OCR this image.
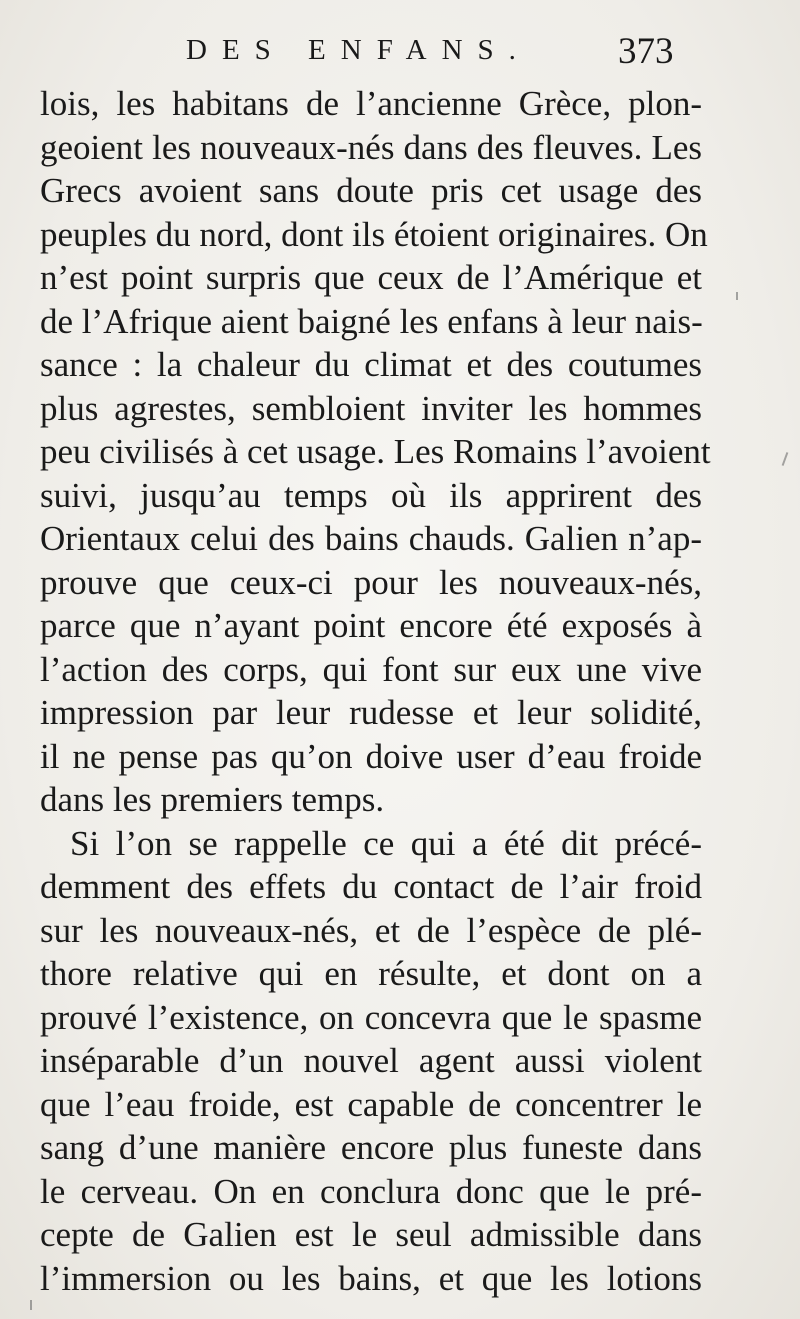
DES ENFANS. 373
lois, les habitans de l’ancienne Grèce, plon-
geoient les nouveaux-nés dans des fleuves. Les
Grecs avoient sans doute pris cet usage des
peuples du nord, dont ils étoient originaires. On
n’est point surpris que ceux de l’Amérique et
de l’Afrique aient baigné les enfans à leur nais-
sance : la chaleur du climat et des coutumes
plus agrestes, sembloient inviter les hommes
peu civilisés à cet usage. Les Romains l’avoient
suivi, jusqu’au temps où ils apprirent des
Orientaux celui des bains chauds. Galien n’ap-
prouve que ceux-ci pour les nouveaux-nés,
parce que n’ayant point encore été exposés à
l’action des corps, qui font sur eux une vive
impression par leur rudesse et leur solidité,
il ne pense pas qu’on doive user d’eau froide
dans les premiers temps.
Si l’on se rappelle ce qui a été dit précé-
demment des effets du contact de l’air froid
sur les nouveaux-nés, et de l’espèce de plé-
thore relative qui en résulte, et dont on a
prouvé l’existence, on concevra que le spasme
inséparable d’un nouvel agent aussi violent
que l’eau froide, est capable de concentrer le
sang d’une manière encore plus funeste dans
le cerveau. On en conclura donc que le pré-
cepte de Galien est le seul admissible dans
l’immersion ou les bains, et que les lotions
